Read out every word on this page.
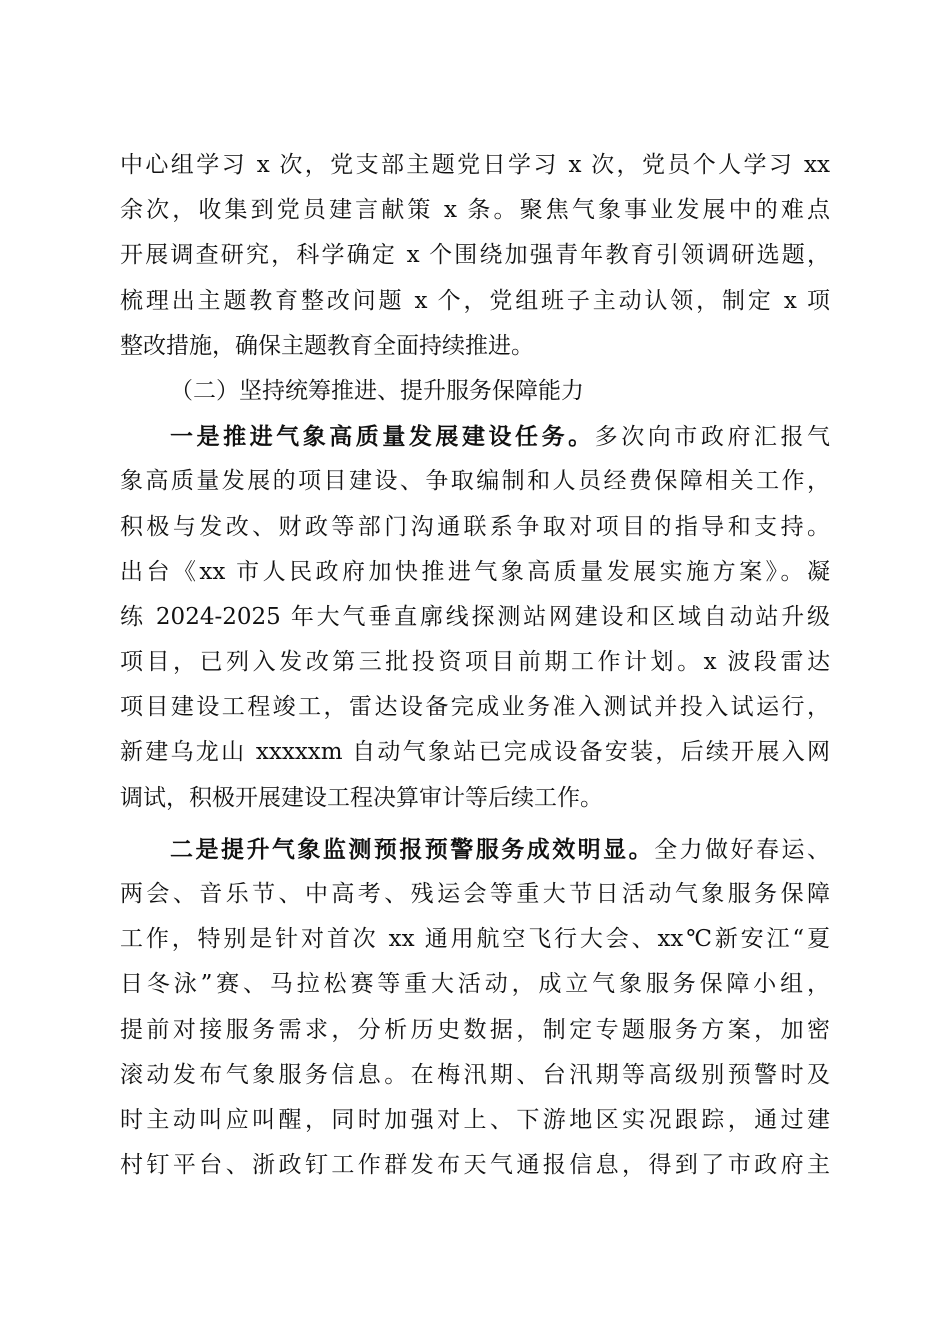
中心组学习 x 次，党支部主题党日学习 x 次，党员个人学习 xx
余次，收集到党员建言献策 x 条。聚焦气象事业发展中的难点
开展调查研究，科学确定 x 个围绕加强青年教育引领调研选题，
梳理出主题教育整改问题 x 个，党组班子主动认领，制定 x 项
整改措施，确保主题教育全面持续推进。
（二）坚持统筹推进、提升服务保障能力
一是推进气象高质量发展建设任务。多次向市政府汇报气
象高质量发展的项目建设、争取编制和人员经费保障相关工作，
积极与发改、财政等部门沟通联系争取对项目的指导和支持。
出台《xx 市人民政府加快推进气象高质量发展实施方案》。凝
练 2024-2025 年大气垂直廓线探测站网建设和区域自动站升级
项目，已列入发改第三批投资项目前期工作计划。x 波段雷达
项目建设工程竣工，雷达设备完成业务准入测试并投入试运行，
新建乌龙山 xxxxxm 自动气象站已完成设备安装，后续开展入网
调试，积极开展建设工程决算审计等后续工作。
二是提升气象监测预报预警服务成效明显。全力做好春运、
两会、音乐节、中高考、残运会等重大节日活动气象服务保障
工作，特别是针对首次 xx 通用航空飞行大会、xx℃新安江“夏
日冬泳”赛、马拉松赛等重大活动，成立气象服务保障小组，
提前对接服务需求，分析历史数据，制定专题服务方案，加密
滚动发布气象服务信息。在梅汛期、台汛期等高级别预警时及
时主动叫应叫醒，同时加强对上、下游地区实况跟踪，通过建
村钉平台、浙政钉工作群发布天气通报信息，得到了市政府主
